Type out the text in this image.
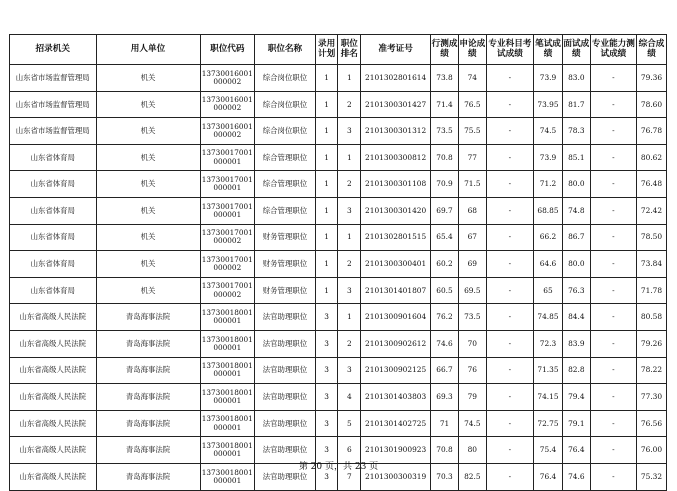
招录机关	用人单位	职位代码	职位名称	录用计划	职位排名	准考证号	行测成绩	申论成绩	专业科目考试成绩	笔试成绩	面试成绩	专业能力测试成绩	综合成绩
山东省市场监督管理局	机关	13730016001000002	综合岗位职位	1	1	2101302801614	73.8	74	-	73.9	83.0	-	79.36
山东省市场监督管理局	机关	13730016001000002	综合岗位职位	1	2	2101300301427	71.4	76.5	-	73.95	81.7	-	78.60
山东省市场监督管理局	机关	13730016001000002	综合岗位职位	1	3	2101300301312	73.5	75.5	-	74.5	78.3	-	76.78
山东省体育局	机关	13730017001000001	综合管理职位	1	1	2101300300812	70.8	77	-	73.9	85.1	-	80.62
山东省体育局	机关	13730017001000001	综合管理职位	1	2	2101300301108	70.9	71.5	-	71.2	80.0	-	76.48
山东省体育局	机关	13730017001000001	综合管理职位	1	3	2101300301420	69.7	68	-	68.85	74.8	-	72.42
山东省体育局	机关	13730017001000002	财务管理职位	1	1	2101302801515	65.4	67	-	66.2	86.7	-	78.50
山东省体育局	机关	13730017001000002	财务管理职位	1	2	2101300300401	60.2	69	-	64.6	80.0	-	73.84
山东省体育局	机关	13730017001000002	财务管理职位	1	3	2101301401807	60.5	69.5	-	65	76.3	-	71.78
山东省高级人民法院	青岛海事法院	13730018001000001	法官助理职位	3	1	2101300901604	76.2	73.5	-	74.85	84.4	-	80.58
山东省高级人民法院	青岛海事法院	13730018001000001	法官助理职位	3	2	2101300902612	74.6	70	-	72.3	83.9	-	79.26
山东省高级人民法院	青岛海事法院	13730018001000001	法官助理职位	3	3	2101300902125	66.7	76	-	71.35	82.8	-	78.22
山东省高级人民法院	青岛海事法院	13730018001000001	法官助理职位	3	4	2101301403803	69.3	79	-	74.15	79.4	-	77.30
山东省高级人民法院	青岛海事法院	13730018001000001	法官助理职位	3	5	2101301402725	71	74.5	-	72.75	79.1	-	76.56
山东省高级人民法院	青岛海事法院	13730018001000001	法官助理职位	3	6	2101301900923	70.8	80	-	75.4	76.4	-	76.00
山东省高级人民法院	青岛海事法院	13730018001000001	法官助理职位	3	7	2101300300319	70.3	82.5	-	76.4	74.6	-	75.32
第 20 页，共 23 页
